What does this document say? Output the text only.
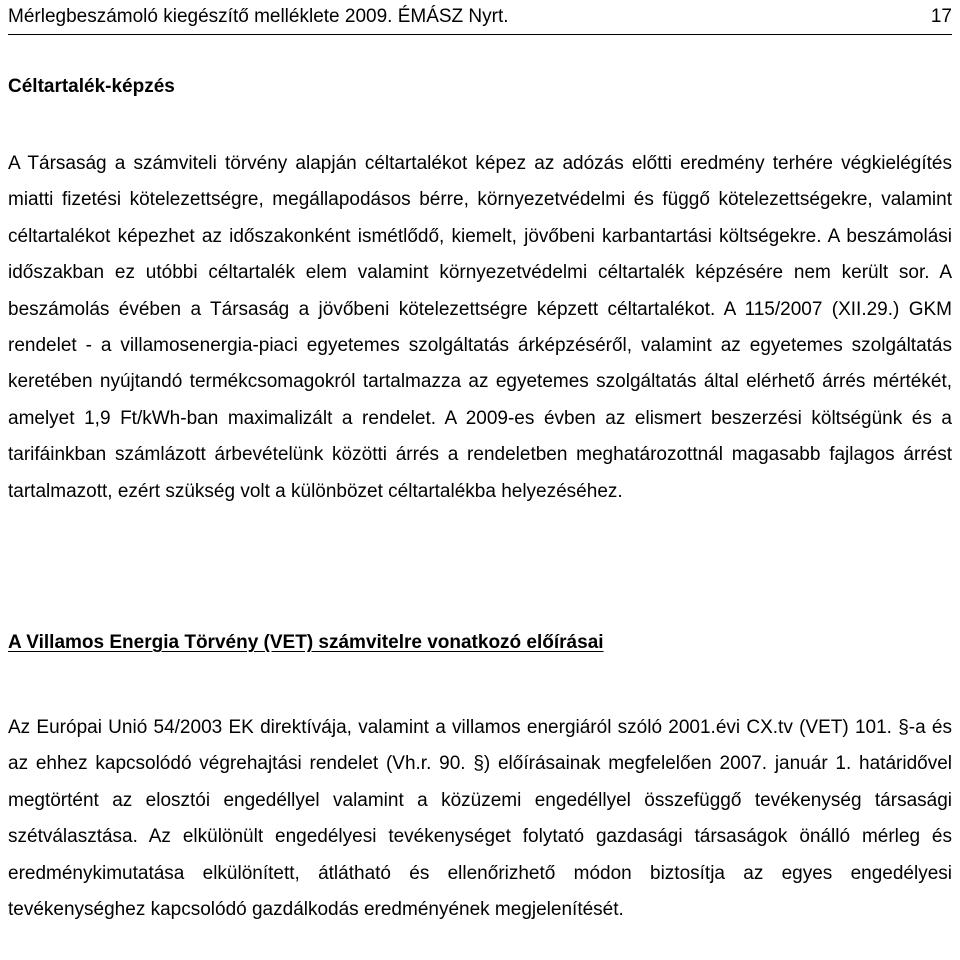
Mérlegbeszámoló kiegészítő melléklete 2009. ÉMÁSZ Nyrt.	17
Céltartalék-képzés

A Társaság a számviteli törvény alapján céltartalékot képez az adózás előtti eredmény terhére végkielégítés miatti fizetési kötelezettségre, megállapodásos bérre, környezetvédelmi és függő kötelezettségekre, valamint céltartalékot képezhet az időszakonként ismétlődő, kiemelt, jövőbeni karbantartási költségekre. A beszámolási időszakban ez utóbbi céltartalék elem valamint környezetvédelmi céltartalék képzésére nem került sor. A beszámolás évében a Társaság a jövőbeni kötelezettségre képzett céltartalékot. A 115/2007 (XII.29.) GKM rendelet - a villamosenergia-piaci egyetemes szolgáltatás árképzéséről, valamint az egyetemes szolgáltatás keretében nyújtandó termékcsomagokról tartalmazza az egyetemes szolgáltatás által elérhető árrés mértékét, amelyet 1,9 Ft/kWh-ban maximalizált a rendelet. A 2009-es évben az elismert beszerzési költségünk és a tarifáinkban számlázott árbevételünk közötti árrés a rendeletben meghatározottnál magasabb fajlagos árrést tartalmazott, ezért szükség volt a különbözet céltartalékba helyezéséhez.

A Villamos Energia Törvény (VET) számvitelre vonatkozó előírásai

Az Európai Unió 54/2003 EK direktívája, valamint a villamos energiáról szóló 2001.évi CX.tv (VET) 101. §-a és az ehhez kapcsolódó végrehajtási rendelet (Vh.r. 90. §) előírásainak megfelelően 2007. január 1. határidővel megtörtént az elosztói engedéllyel valamint a közüzemi engedéllyel összefüggő tevékenység társasági szétválasztása. Az elkülönült engedélyesi tevékenységet folytató gazdasági társaságok önálló mérleg és eredménykimutatása elkülönített, átlátható és ellenőrizhető módon biztosítja az egyes engedélyesi tevékenységhez kapcsolódó gazdálkodás eredményének megjelenítését.
